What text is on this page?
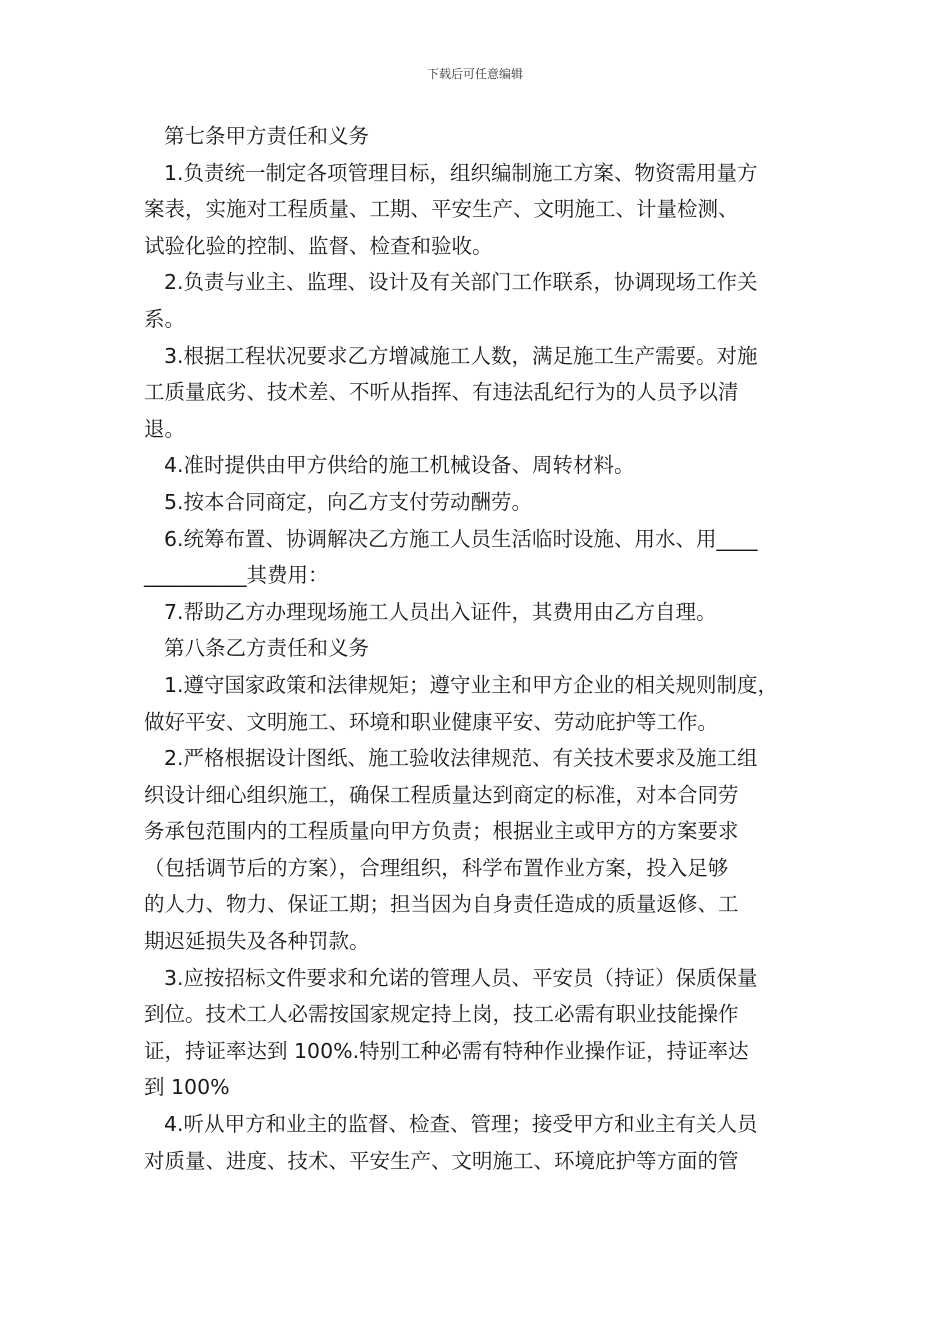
下载后可任意编辑
第七条甲方责任和义务
1.负责统一制定各项管理目标，组织编制施工方案、物资需用量方
案表，实施对工程质量、工期、平安生产、文明施工、计量检测、
试验化验的控制、监督、检查和验收。
2.负责与业主、监理、设计及有关部门工作联系，协调现场工作关
系。
3.根据工程状况要求乙方增减施工人数，满足施工生产需要。对施
工质量底劣、技术差、不听从指挥、有违法乱纪行为的人员予以清
退。
4.准时提供由甲方供给的施工机械设备、周转材料。
5.按本合同商定，向乙方支付劳动酬劳。
6.统筹布置、协调解决乙方施工人员生活临时设施、用水、用____
__________其费用：
7.帮助乙方办理现场施工人员出入证件，其费用由乙方自理。
第八条乙方责任和义务
1.遵守国家政策和法律规矩；遵守业主和甲方企业的相关规则制度，
做好平安、文明施工、环境和职业健康平安、劳动庇护等工作。
2.严格根据设计图纸、施工验收法律规范、有关技术要求及施工组
织设计细心组织施工，确保工程质量达到商定的标准，对本合同劳
务承包范围内的工程质量向甲方负责；根据业主或甲方的方案要求
（包括调节后的方案），合理组织，科学布置作业方案，投入足够
的人力、物力、保证工期；担当因为自身责任造成的质量返修、工
期迟延损失及各种罚款。
3.应按招标文件要求和允诺的管理人员、平安员（持证）保质保量
到位。技术工人必需按国家规定持上岗，技工必需有职业技能操作
证，持证率达到 100%.特别工种必需有特种作业操作证，持证率达
到 100%
4.听从甲方和业主的监督、检查、管理；接受甲方和业主有关人员
对质量、进度、技术、平安生产、文明施工、环境庇护等方面的管
